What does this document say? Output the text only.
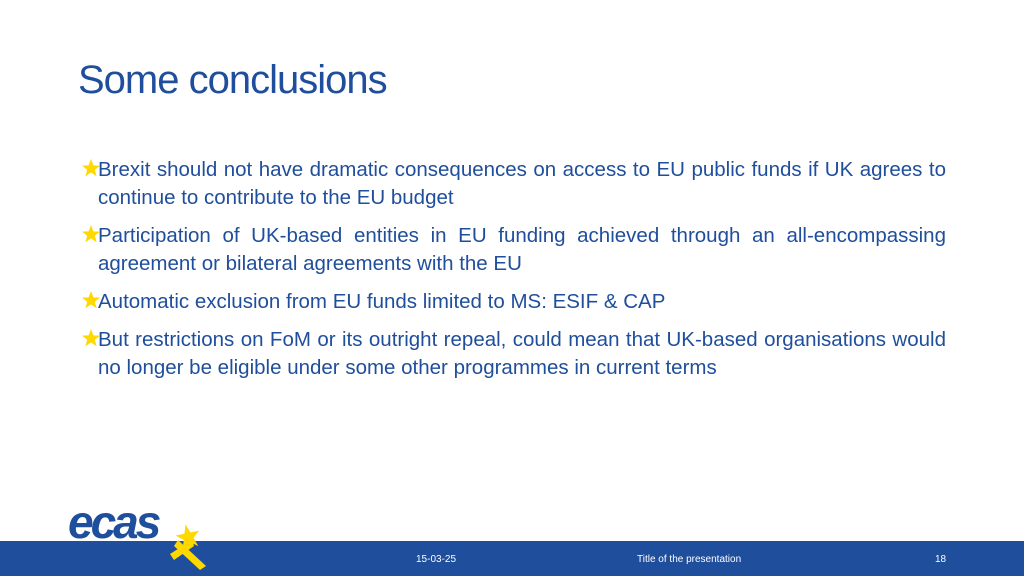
Some conclusions
Brexit should not have dramatic consequences on access to EU public funds if UK agrees to continue to contribute to the EU budget
Participation of UK-based entities in EU funding achieved through an all-encompassing agreement or bilateral agreements with the EU
Automatic exclusion from EU funds limited to MS: ESIF & CAP
But restrictions on FoM or its outright repeal, could mean that UK-based organisations would no longer be eligible under some other programmes in current terms
15-03-25	Title of the presentation	18
ecas
